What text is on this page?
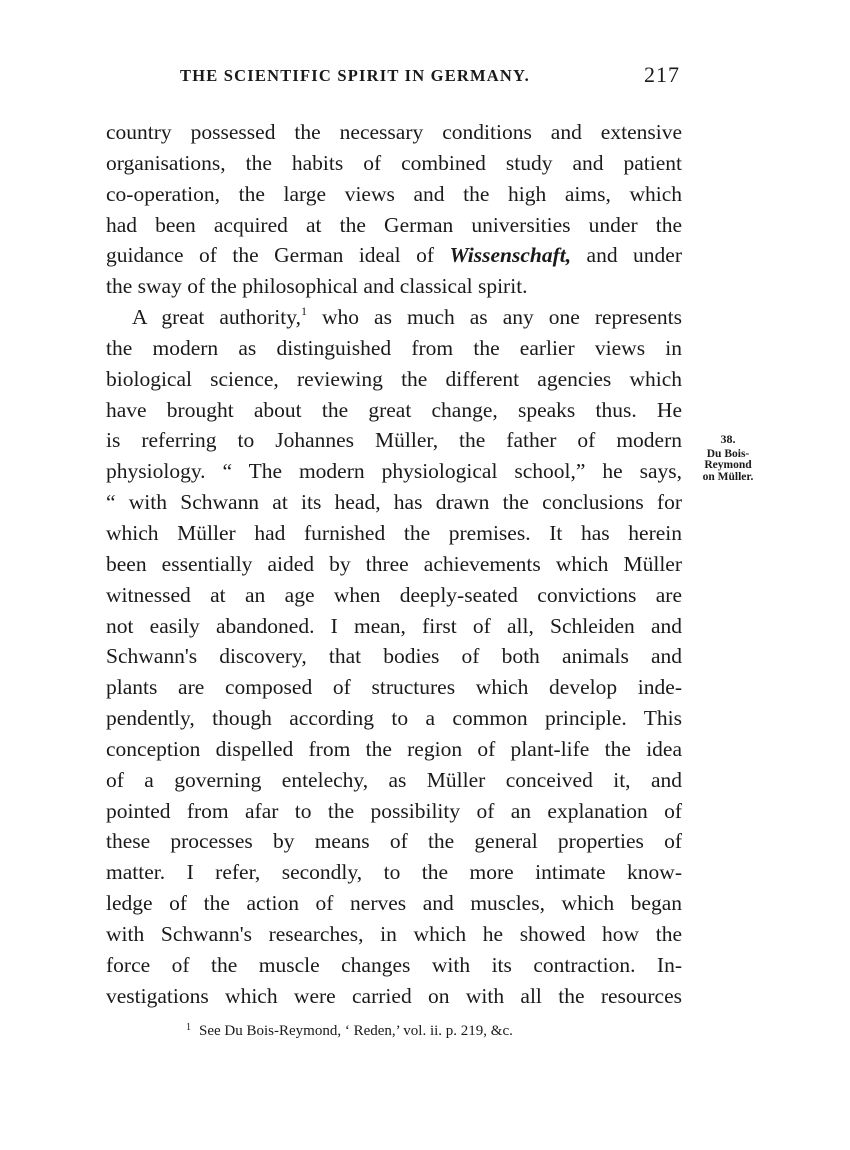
THE SCIENTIFIC SPIRIT IN GERMANY.	217
country possessed the necessary conditions and extensive
organisations, the habits of combined study and patient
co-operation, the large views and the high aims, which
had been acquired at the German universities under the
guidance of the German ideal of Wissenschaft, and under
the sway of the philosophical and classical spirit.
A great authority,$^1$ who as much as any one represents
the modern as distinguished from the earlier views in
biological science, reviewing the different agencies which
have brought about the great change, speaks thus. He
is referring to Johannes Müller, the father of modern
physiology. “ The modern physiological school,” he says,
“ with Schwann at its head, has drawn the conclusions for
which Müller had furnished the premises. It has herein
been essentially aided by three achievements which Müller
witnessed at an age when deeply-seated convictions are
not easily abandoned. I mean, first of all, Schleiden and
Schwann's discovery, that bodies of both animals and
plants are composed of structures which develop inde-
pendently, though according to a common principle. This
conception dispelled from the region of plant-life the idea
of a governing entelechy, as Müller conceived it, and
pointed from afar to the possibility of an explanation of
these processes by means of the general properties of
matter. I refer, secondly, to the more intimate know-
ledge of the action of nerves and muscles, which began
with Schwann's researches, in which he showed how the
force of the muscle changes with its contraction. In-
vestigations which were carried on with all the resources
38.
Du Bois-
Reymond
on Müller.
$^1$ See Du Bois-Reymond, ‘ Reden,’ vol. ii. p. 219, &c.
